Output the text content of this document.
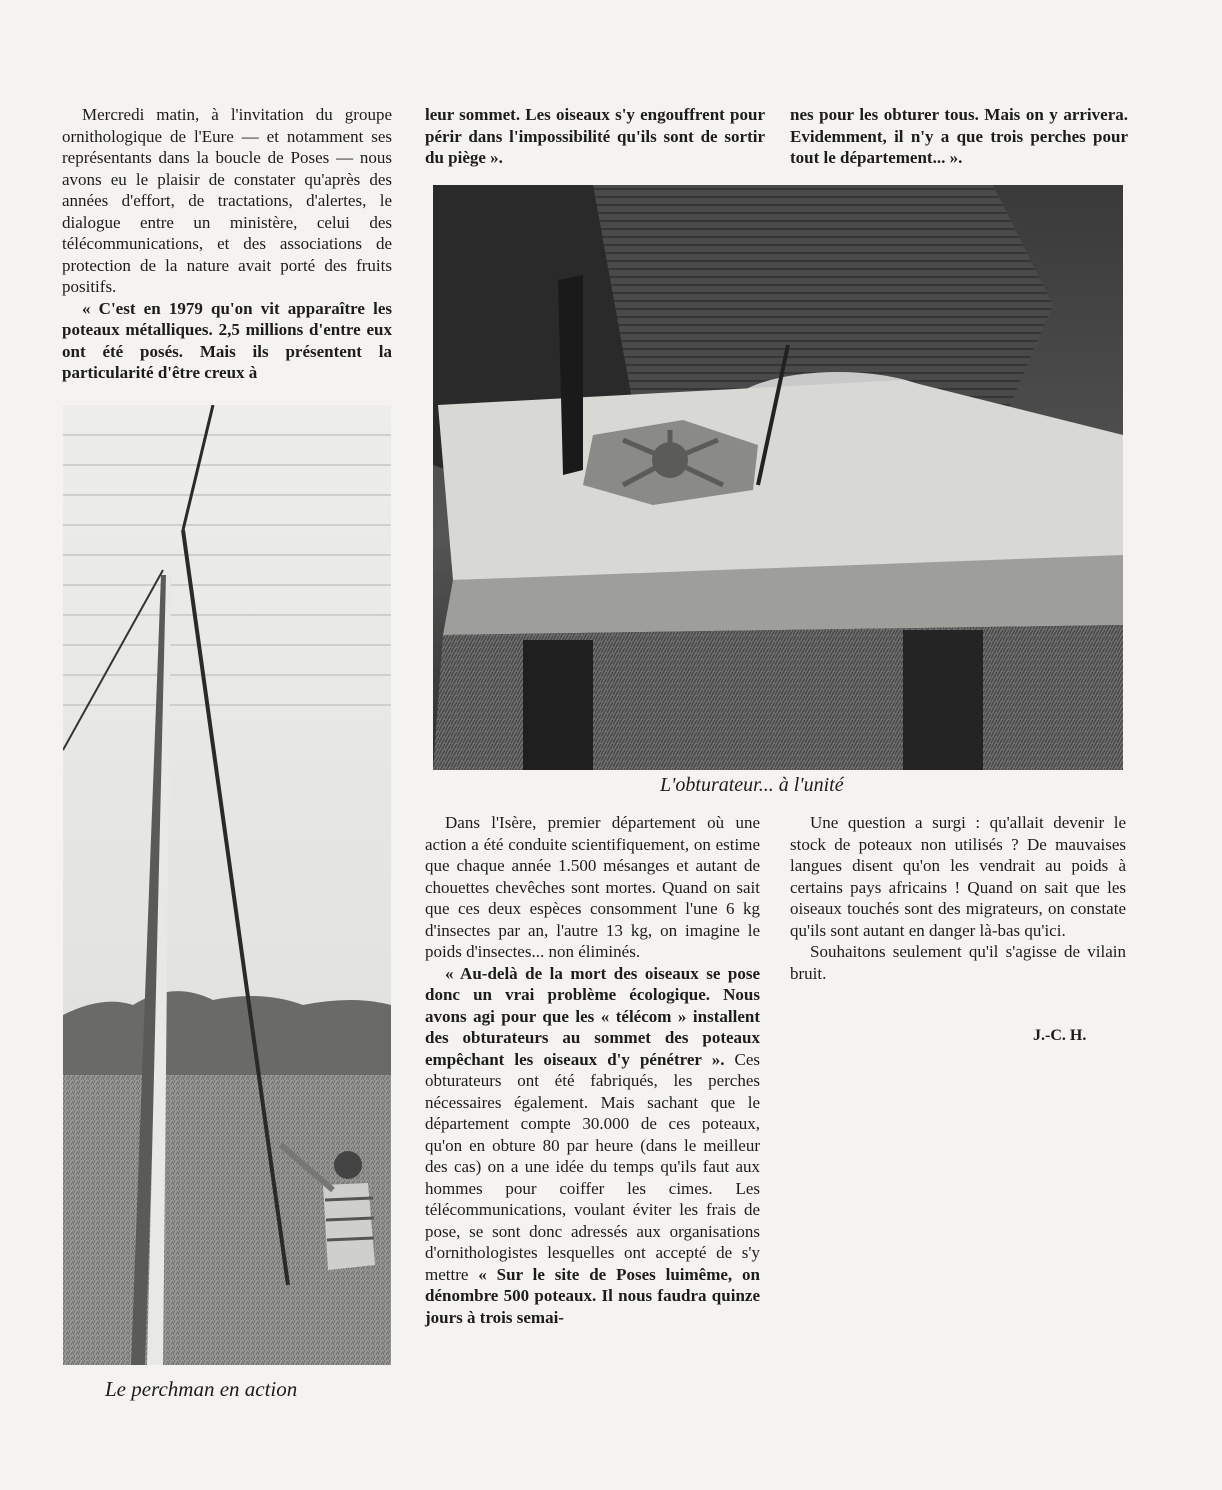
Mercredi matin, à l'invitation du groupe ornithologique de l'Eure — et notamment ses représentants dans la boucle de Poses — nous avons eu le plaisir de constater qu'après des années d'effort, de tractations, d'alertes, le dialogue entre un ministère, celui des télécommunications, et des associations de protection de la nature avait porté des fruits positifs.

« C'est en 1979 qu'on vit apparaître les poteaux métalliques. 2,5 millions d'entre eux ont été posés. Mais ils présentent la particularité d'être creux à

leur sommet. Les oiseaux s'y engouffrent pour périr dans l'impossibilité qu'ils sont de sortir du piège ».

nes pour les obturer tous. Mais on y arrivera. Evidemment, il n'y a que trois perches pour tout le département... ».

L'obturateur... à l'unité
Le perchman en action

Dans l'Isère, premier département où une action a été conduite scientifiquement, on estime que chaque année 1.500 mésanges et autant de chouettes chevêches sont mortes. Quand on sait que ces deux espèces consomment l'une 6 kg d'insectes par an, l'autre 13 kg, on imagine le poids d'insectes... non éliminés.

« Au-delà de la mort des oiseaux se pose donc un vrai problème écologique. Nous avons agi pour que les « télécom » installent des obturateurs au sommet des poteaux empêchant les oiseaux d'y pénétrer ». Ces obturateurs ont été fabriqués, les perches nécessaires également. Mais sachant que le département compte 30.000 de ces poteaux, qu'on en obture 80 par heure (dans le meilleur des cas) on a une idée du temps qu'ils faut aux hommes pour coiffer les cimes. Les télécommunications, voulant éviter les frais de pose, se sont donc adressés aux organisations d'ornithologistes lesquelles ont accepté de s'y mettre « Sur le site de Poses luimême, on dénombre 500 poteaux. Il nous faudra quinze jours à trois semai-

Une question a surgi : qu'allait devenir le stock de poteaux non utilisés ? De mauvaises langues disent qu'on les vendrait au poids à certains pays africains ! Quand on sait que les oiseaux touchés sont des migrateurs, on constate qu'ils sont autant en danger là-bas qu'ici.

Souhaitons seulement qu'il s'agisse de vilain bruit.

J.-C. H.
